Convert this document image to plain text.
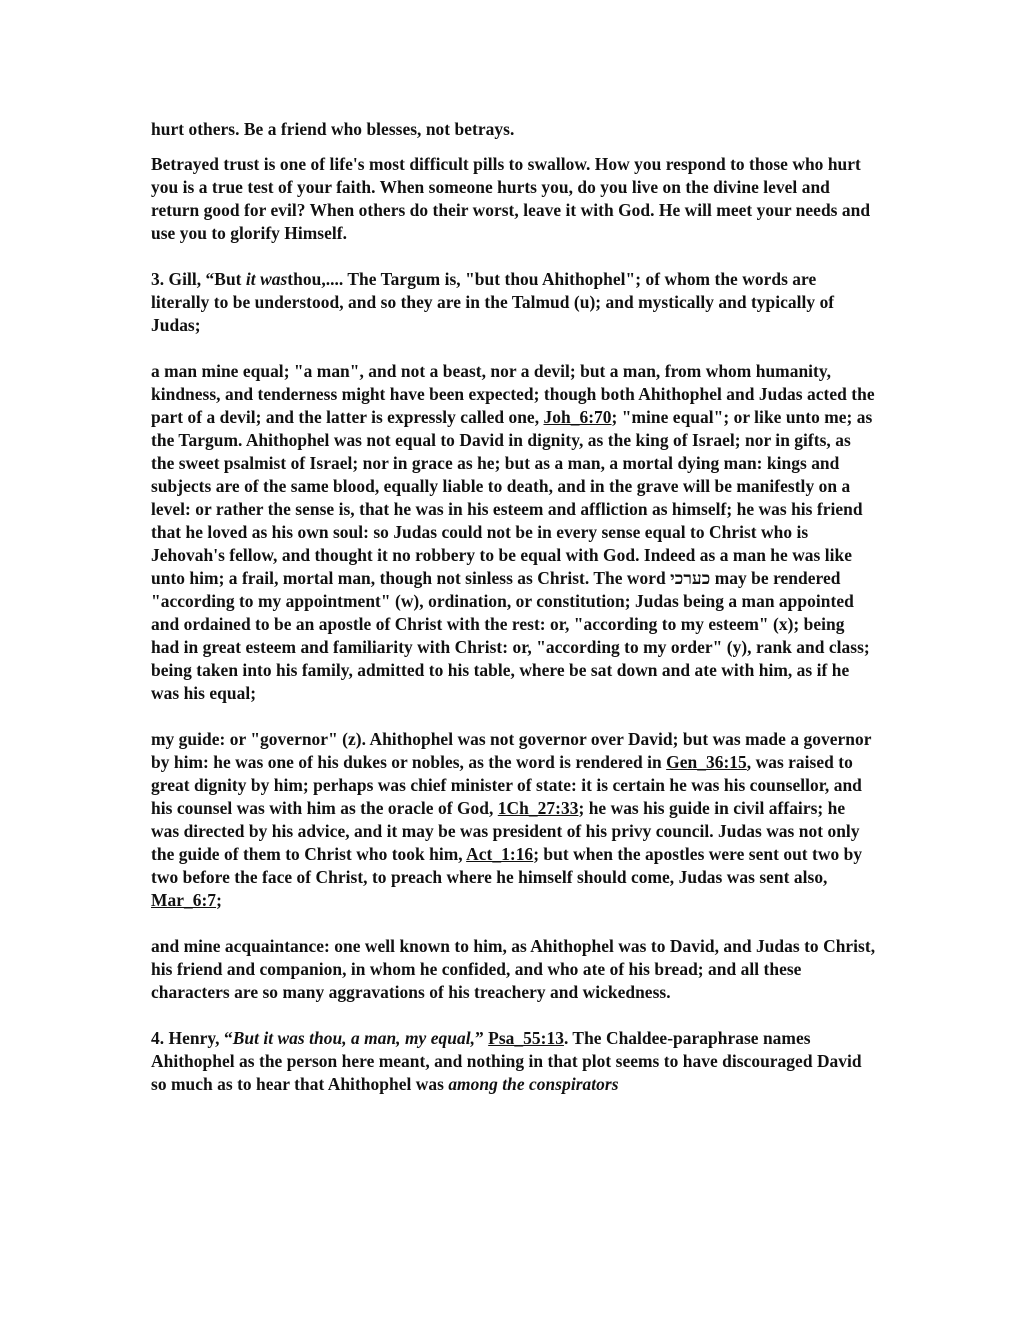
hurt others. Be a friend who blesses, not betrays.

Betrayed trust is one of life's most difficult pills to swallow. How you respond to those who hurt you is a true test of your faith. When someone hurts you, do you live on the divine level and return good for evil? When others do their worst, leave it with God. He will meet your needs and use you to glorify Himself.

3. Gill, “But it wasthou,.... The Targum is, "but thou Ahithophel"; of whom the words are literally to be understood, and so they are in the Talmud (u); and mystically and typically of Judas;

a man mine equal; "a man", and not a beast, nor a devil; but a man, from whom humanity, kindness, and tenderness might have been expected; though both Ahithophel and Judas acted the part of a devil; and the latter is expressly called one, Joh_6:70; "mine equal"; or like unto me; as the Targum. Ahithophel was not equal to David in dignity, as the king of Israel; nor in gifts, as the sweet psalmist of Israel; nor in grace as he; but as a man, a mortal dying man: kings and subjects are of the same blood, equally liable to death, and in the grave will be manifestly on a level: or rather the sense is, that he was in his esteem and affliction as himself; he was his friend that he loved as his own soul: so Judas could not be in every sense equal to Christ who is Jehovah's fellow, and thought it no robbery to be equal with God. Indeed as a man he was like unto him; a frail, mortal man, though not sinless as Christ. The word כערכי may be rendered "according to my appointment" (w), ordination, or constitution; Judas being a man appointed and ordained to be an apostle of Christ with the rest: or, "according to my esteem" (x); being had in great esteem and familiarity with Christ: or, "according to my order" (y), rank and class; being taken into his family, admitted to his table, where be sat down and ate with him, as if he was his equal;

my guide: or "governor" (z). Ahithophel was not governor over David; but was made a governor by him: he was one of his dukes or nobles, as the word is rendered in Gen_36:15, was raised to great dignity by him; perhaps was chief minister of state: it is certain he was his counsellor, and his counsel was with him as the oracle of God, 1Ch_27:33; he was his guide in civil affairs; he was directed by his advice, and it may be was president of his privy council. Judas was not only the guide of them to Christ who took him, Act_1:16; but when the apostles were sent out two by two before the face of Christ, to preach where he himself should come, Judas was sent also, Mar_6:7;

and mine acquaintance: one well known to him, as Ahithophel was to David, and Judas to Christ, his friend and companion, in whom he confided, and who ate of his bread; and all these characters are so many aggravations of his treachery and wickedness.

4. Henry, “But it was thou, a man, my equal,” Psa_55:13. The Chaldee-paraphrase names Ahithophel as the person here meant, and nothing in that plot seems to have discouraged David so much as to hear that Ahithophel was among the conspirators
